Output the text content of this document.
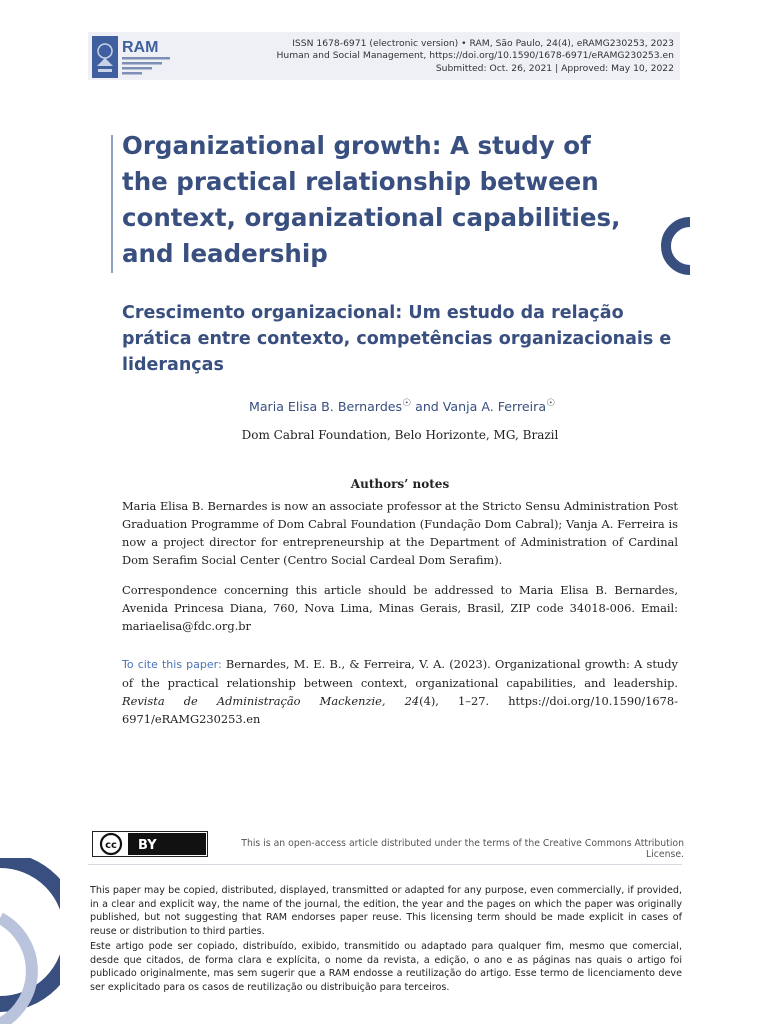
RAM	ISSN 1678-6971 (electronic version) • RAM, São Paulo, 24(4), eRAMG230253, 2023
Human and Social Management, https://doi.org/10.1590/1678-6971/eRAMG230253.en
Submitted: Oct. 26, 2021 | Approved: May 10, 2022
Organizational growth: A study of the practical relationship between context, organizational capabilities, and leadership
Crescimento organizacional: Um estudo da relação prática entre contexto, competências organizacionais e lideranças
Maria Elisa B. Bernardes☉ and Vanja A. Ferreira☉
Dom Cabral Foundation, Belo Horizonte, MG, Brazil
Authors’ notes

Maria Elisa B. Bernardes is now an associate professor at the Stricto Sensu Administration Post Graduation Programme of Dom Cabral Foundation (Fundação Dom Cabral); Vanja A. Ferreira is now a project director for entrepreneurship at the Department of Administration of Cardinal Dom Serafim Social Center (Centro Social Cardeal Dom Serafim).

Correspondence concerning this article should be addressed to Maria Elisa B. Bernardes, Avenida Princesa Diana, 760, Nova Lima, Minas Gerais, Brasil, ZIP code 34018-006. Email: mariaelisa@fdc.org.br

To cite this paper: Bernardes, M. E. B., & Ferreira, V. A. (2023). Organizational growth: A study of the practical relationship between context, organizational capabilities, and leadership. Revista de Administração Mackenzie, 24(4), 1–27. https://doi.org/10.1590/1678-6971/eRAMG230253.en

cc BY	This is an open-access article distributed under the terms of the Creative Commons Attribution License.

This paper may be copied, distributed, displayed, transmitted or adapted for any purpose, even commercially, if provided, in a clear and explicit way, the name of the journal, the edition, the year and the pages on which the paper was originally published, but not suggesting that RAM endorses paper reuse. This licensing term should be made explicit in cases of reuse or distribution to third parties.

Este artigo pode ser copiado, distribuído, exibido, transmitido ou adaptado para qualquer fim, mesmo que comercial, desde que citados, de forma clara e explícita, o nome da revista, a edição, o ano e as páginas nas quais o artigo foi publicado originalmente, mas sem sugerir que a RAM endosse a reutilização do artigo. Esse termo de licenciamento deve ser explicitado para os casos de reutilização ou distribuição para terceiros.
